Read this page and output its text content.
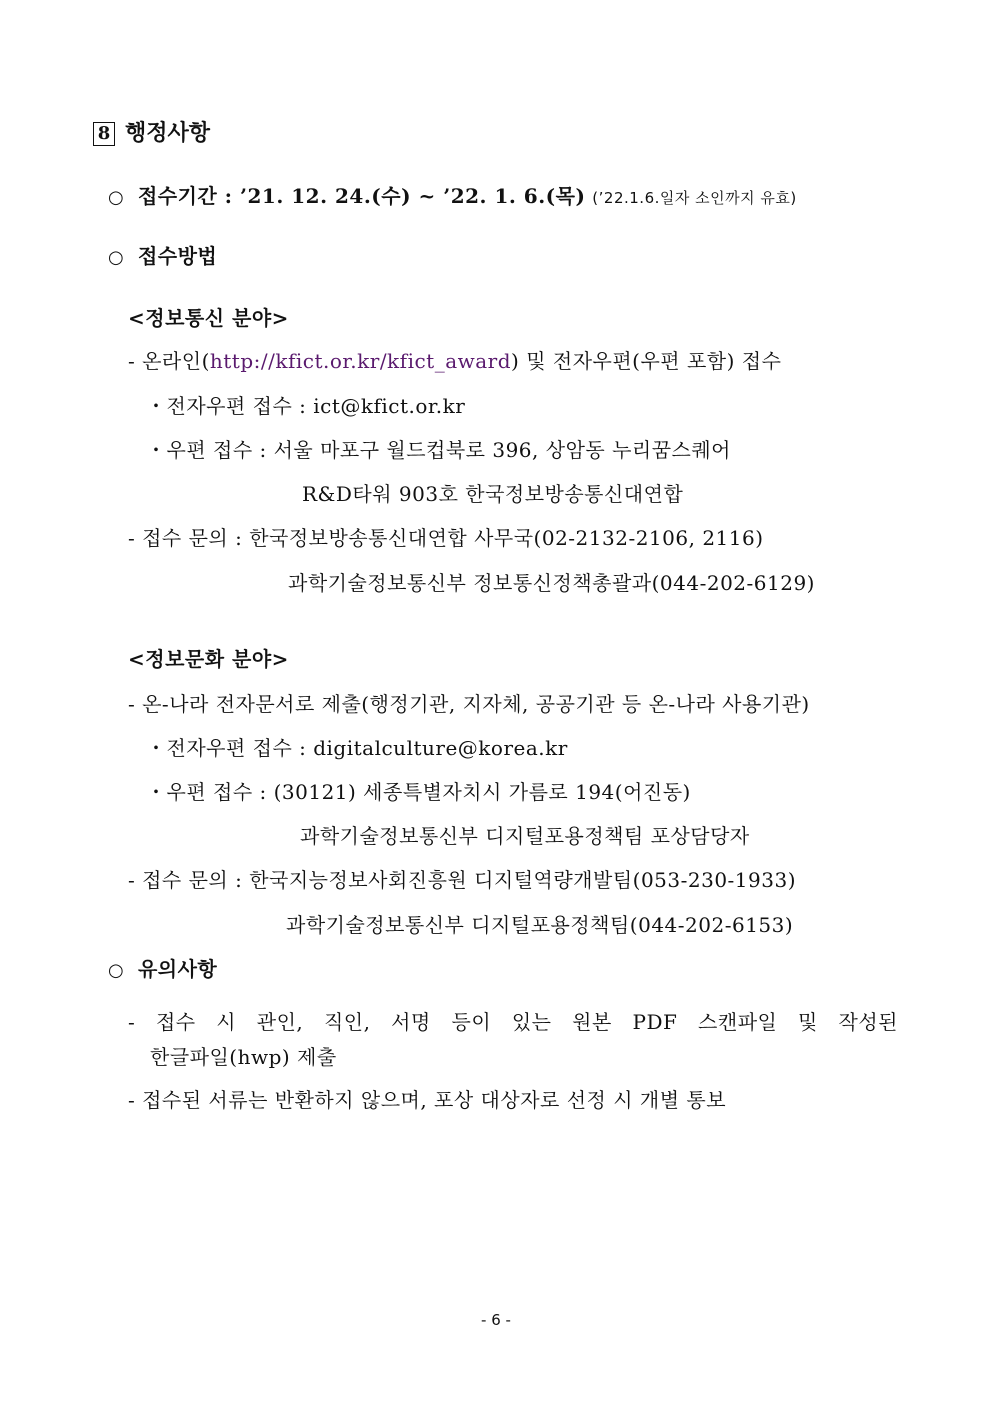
8 행정사항
○ 접수기간 : ’21. 12. 24.(수) ~ ’22. 1. 6.(목) (’22.1.6.일자 소인까지 유효)
○ 접수방법
<정보통신 분야>
- 온라인(http://kfict.or.kr/kfict_award) 및 전자우편(우편 포함) 접수
・전자우편 접수 : ict@kfict.or.kr
・우편 접수 : 서울 마포구 월드컵북로 396, 상암동 누리꿈스퀘어
R&D타워 903호 한국정보방송통신대연합
- 접수 문의 : 한국정보방송통신대연합 사무국(02-2132-2106, 2116)
과학기술정보통신부 정보통신정책총괄과(044-202-6129)
<정보문화 분야>
- 온-나라 전자문서로 제출(행정기관, 지자체, 공공기관 등 온-나라 사용기관)
・전자우편 접수 : digitalculture@korea.kr
・우편 접수 : (30121) 세종특별자치시 가름로 194(어진동)
과학기술정보통신부 디지털포용정책팀 포상담당자
- 접수 문의 : 한국지능정보사회진흥원 디지털역량개발팀(053-230-1933)
과학기술정보통신부 디지털포용정책팀(044-202-6153)
○ 유의사항
- 접수 시 관인, 직인, 서명 등이 있는 원본 PDF 스캔파일 및 작성된
한글파일(hwp) 제출
- 접수된 서류는 반환하지 않으며, 포상 대상자로 선정 시 개별 통보
- 6 -
